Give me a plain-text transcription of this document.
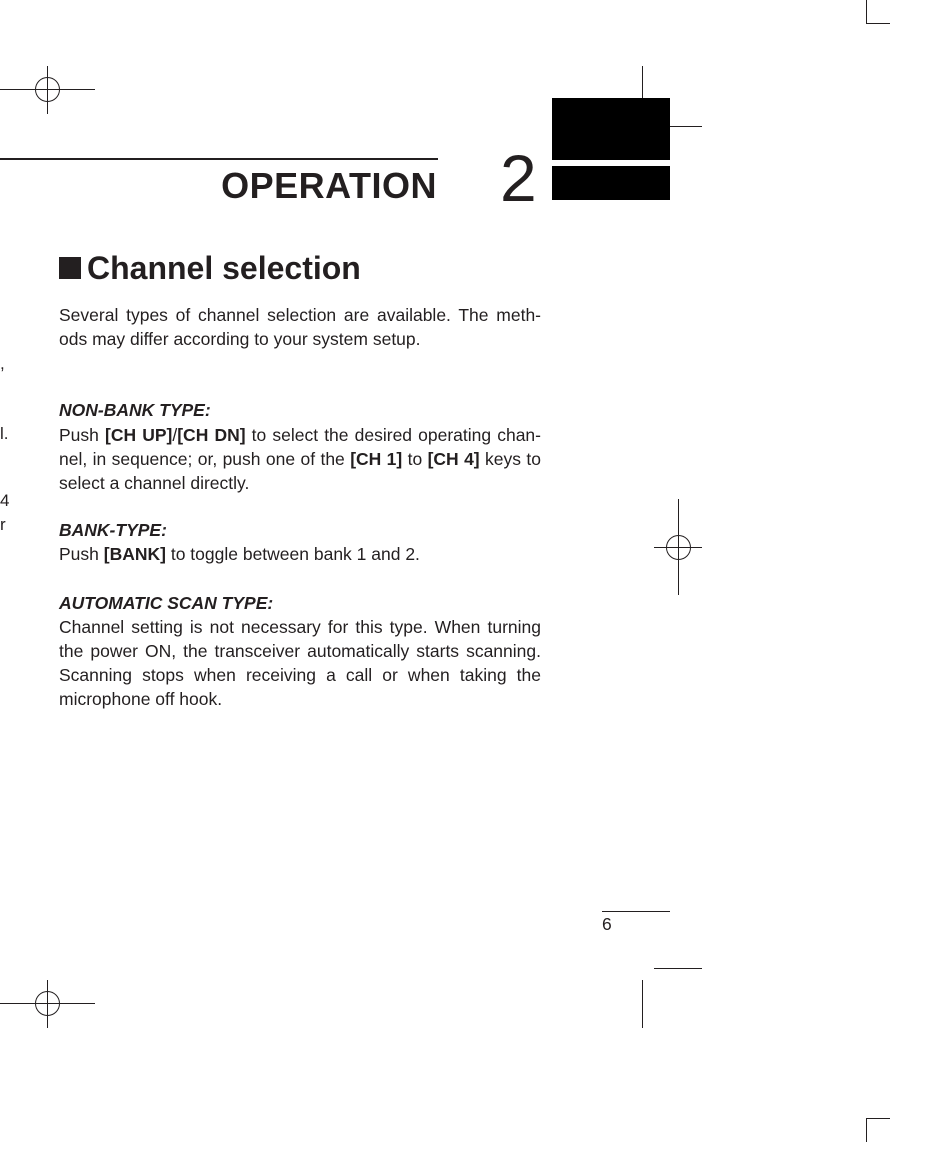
OPERATION 2
,
l.
4
r
Channel selection
Several types of channel selection are available. The meth- ods may differ according to your system setup.
NON-BANK TYPE:
Push [CH UP]/[CH DN] to select the desired operating chan- nel, in sequence; or, push one of the [CH 1] to [CH 4] keys to select a channel directly.
BANK-TYPE:
Push [BANK] to toggle between bank 1 and 2.
AUTOMATIC SCAN TYPE:
Channel setting is not necessary for this type. When turning the power ON, the transceiver automatically starts scanning. Scanning stops when receiving a call or when taking the microphone off hook.
6
